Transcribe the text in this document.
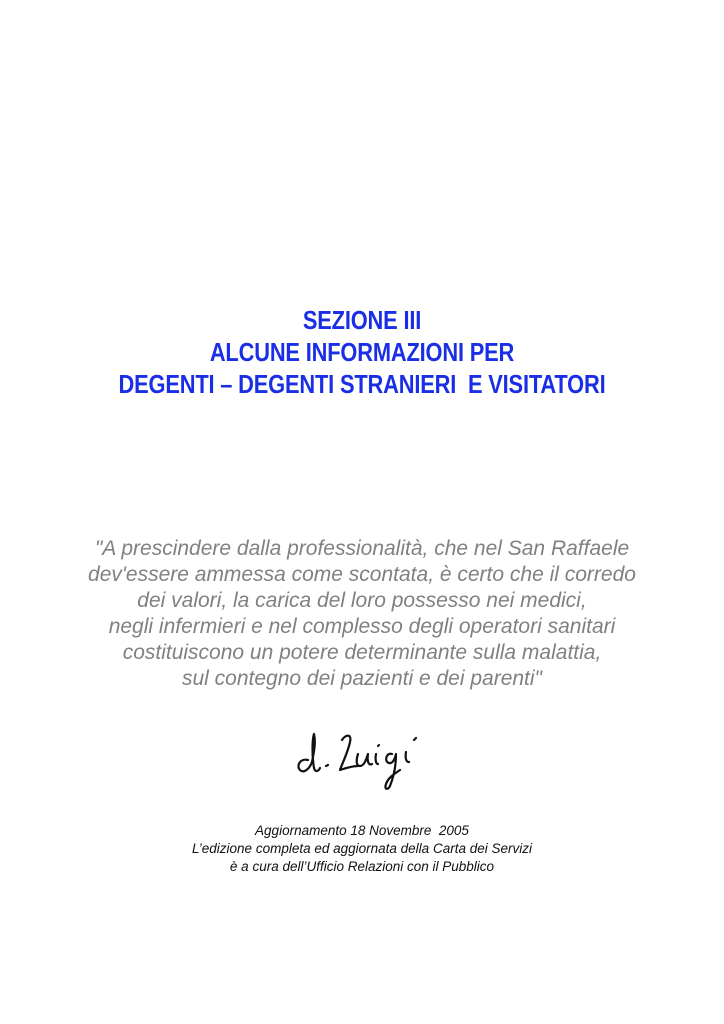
SEZIONE III
ALCUNE INFORMAZIONI PER
DEGENTI – DEGENTI STRANIERI  E VISITATORI
"A prescindere dalla professionalità, che nel San Raffaele
dev'essere ammessa come scontata, è certo che il corredo
dei valori, la carica del loro possesso nei medici,
negli infermieri e nel complesso degli operatori sanitari
costituiscono un potere determinante sulla malattia,
sul contegno dei pazienti e dei parenti"
Aggiornamento 18 Novembre  2005
L’edizione completa ed aggiornata della Carta dei Servizi
è a cura dell’Ufficio Relazioni con il Pubblico
